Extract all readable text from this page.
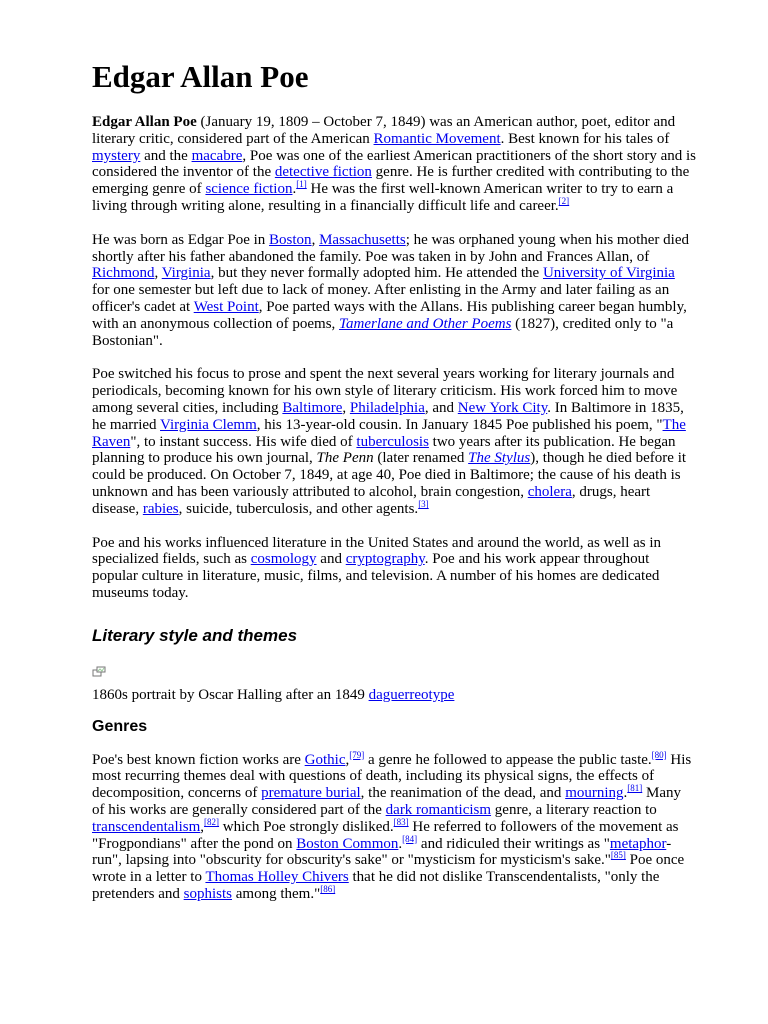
Edgar Allan Poe

Edgar Allan Poe (January 19, 1809 – October 7, 1849) was an American author, poet, editor and literary critic, considered part of the American Romantic Movement. Best known for his tales of mystery and the macabre, Poe was one of the earliest American practitioners of the short story and is considered the inventor of the detective fiction genre. He is further credited with contributing to the emerging genre of science fiction.[1] He was the first well-known American writer to try to earn a living through writing alone, resulting in a financially difficult life and career.[2]

He was born as Edgar Poe in Boston, Massachusetts; he was orphaned young when his mother died shortly after his father abandoned the family. Poe was taken in by John and Frances Allan, of Richmond, Virginia, but they never formally adopted him. He attended the University of Virginia for one semester but left due to lack of money. After enlisting in the Army and later failing as an officer's cadet at West Point, Poe parted ways with the Allans. His publishing career began humbly, with an anonymous collection of poems, Tamerlane and Other Poems (1827), credited only to "a Bostonian".

Poe switched his focus to prose and spent the next several years working for literary journals and periodicals, becoming known for his own style of literary criticism. His work forced him to move among several cities, including Baltimore, Philadelphia, and New York City. In Baltimore in 1835, he married Virginia Clemm, his 13-year-old cousin. In January 1845 Poe published his poem, "The Raven", to instant success. His wife died of tuberculosis two years after its publication. He began planning to produce his own journal, The Penn (later renamed The Stylus), though he died before it could be produced. On October 7, 1849, at age 40, Poe died in Baltimore; the cause of his death is unknown and has been variously attributed to alcohol, brain congestion, cholera, drugs, heart disease, rabies, suicide, tuberculosis, and other agents.[3]

Poe and his works influenced literature in the United States and around the world, as well as in specialized fields, such as cosmology and cryptography. Poe and his work appear throughout popular culture in literature, music, films, and television. A number of his homes are dedicated museums today.

Literary style and themes
1860s portrait by Oscar Halling after an 1849 daguerreotype
Genres

Poe's best known fiction works are Gothic,[79] a genre he followed to appease the public taste.[80] His most recurring themes deal with questions of death, including its physical signs, the effects of decomposition, concerns of premature burial, the reanimation of the dead, and mourning.[81] Many of his works are generally considered part of the dark romanticism genre, a literary reaction to transcendentalism,[82] which Poe strongly disliked.[83] He referred to followers of the movement as "Frogpondians" after the pond on Boston Common.[84] and ridiculed their writings as "metaphor-run", lapsing into "obscurity for obscurity's sake" or "mysticism for mysticism's sake."[85] Poe once wrote in a letter to Thomas Holley Chivers that he did not dislike Transcendentalists, "only the pretenders and sophists among them."[86]
